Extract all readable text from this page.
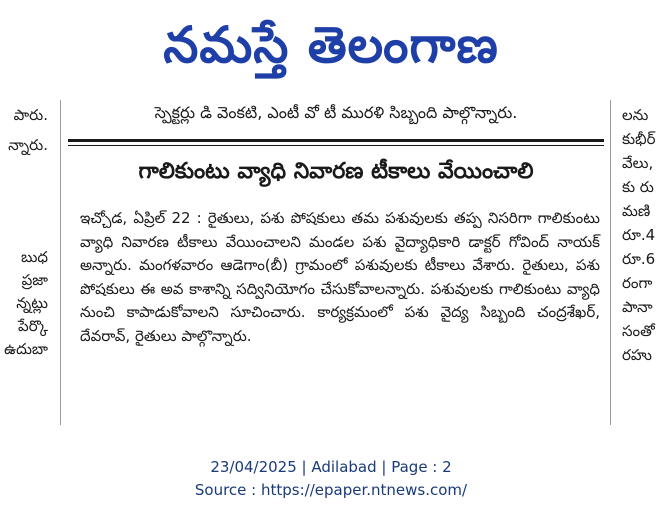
నమస్తే తెలంగాణ
పారు.
న్నారు.
బుధ
ప్రజా
న్నట్లు
పేర్కొ
ఉదుబా
స్పెక్టర్లు డి వెంకటి, ఎంటీ వో టీ మురళి సిబ్బంది పాల్గొన్నారు.
గాలికుంటు వ్యాధి నివారణ టీకాలు వేయించాలి
ఇచ్చోడ, ఏప్రిల్ 22 : రైతులు, పశు పోషకులు తమ పశువులకు తప్ప నిసరిగా గాలికుంటు వ్యాధి నివారణ టీకాలు వేయించాలని మండల పశు వైద్యాధికారి డాక్టర్ గోవింద్ నాయక్ అన్నారు. మంగళవారం ఆడెగాం(బీ) గ్రామంలో పశువులకు టీకాలు వేశారు. రైతులు, పశు పోషకులు ఈ అవ కాశాన్ని సద్వినియోగం చేసుకోవాలన్నారు. పశువులకు గాలికుంటు వ్యాధి నుంచి కాపాడుకోవాలని సూచించారు. కార్యక్రమంలో పశు వైద్య సిబ్బంది చంద్రశేఖర్, దేవరావ్, రైతులు పాల్గొన్నారు.
లను
కుభీర్
వేలు,
కు రు
మణి
రూ.4
రూ.6
రంగా
పానా
సంతో
రహు
23/04/2025 | Adilabad | Page : 2
Source : https://epaper.ntnews.com/
